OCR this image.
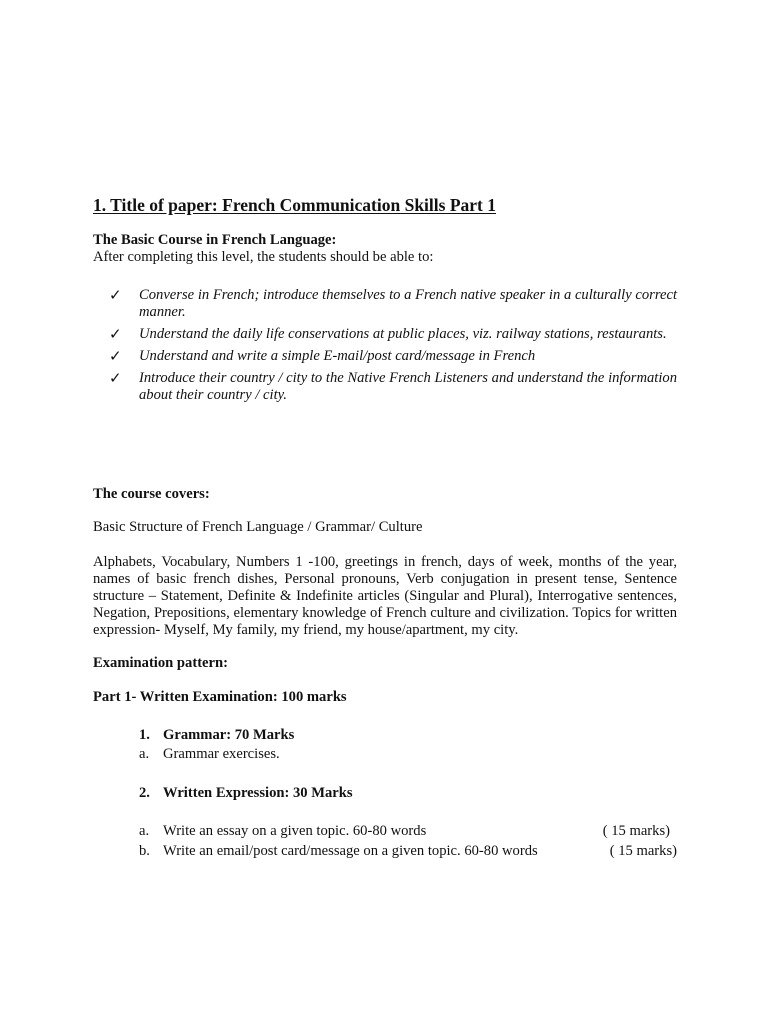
1. Title of paper: French Communication Skills Part 1
The Basic Course in French Language:
After completing this level, the students should be able to:
✓ Converse in French; introduce themselves to a French native speaker in a culturally correct manner.
✓ Understand the daily life conservations at public places, viz. railway stations, restaurants.
✓ Understand and write a simple E-mail/post card/message in French
✓ Introduce their country / city to the Native French Listeners and understand the information about their country / city.
The course covers:
Basic Structure of French Language / Grammar/ Culture
Alphabets, Vocabulary, Numbers 1 -100, greetings in french, days of week, months of the year, names of basic french dishes, Personal pronouns, Verb conjugation in present tense, Sentence structure – Statement, Definite & Indefinite articles (Singular and Plural), Interrogative sentences, Negation, Prepositions, elementary knowledge of French culture and civilization. Topics for written expression- Myself, My family, my friend, my house/apartment, my city.
Examination pattern:
Part 1- Written Examination: 100 marks
1. Grammar: 70 Marks
a. Grammar exercises.
2. Written Expression: 30 Marks
a. Write an essay on a given topic. 60-80 words	( 15 marks)
b. Write an email/post card/message on a given topic. 60-80 words	( 15 marks)
